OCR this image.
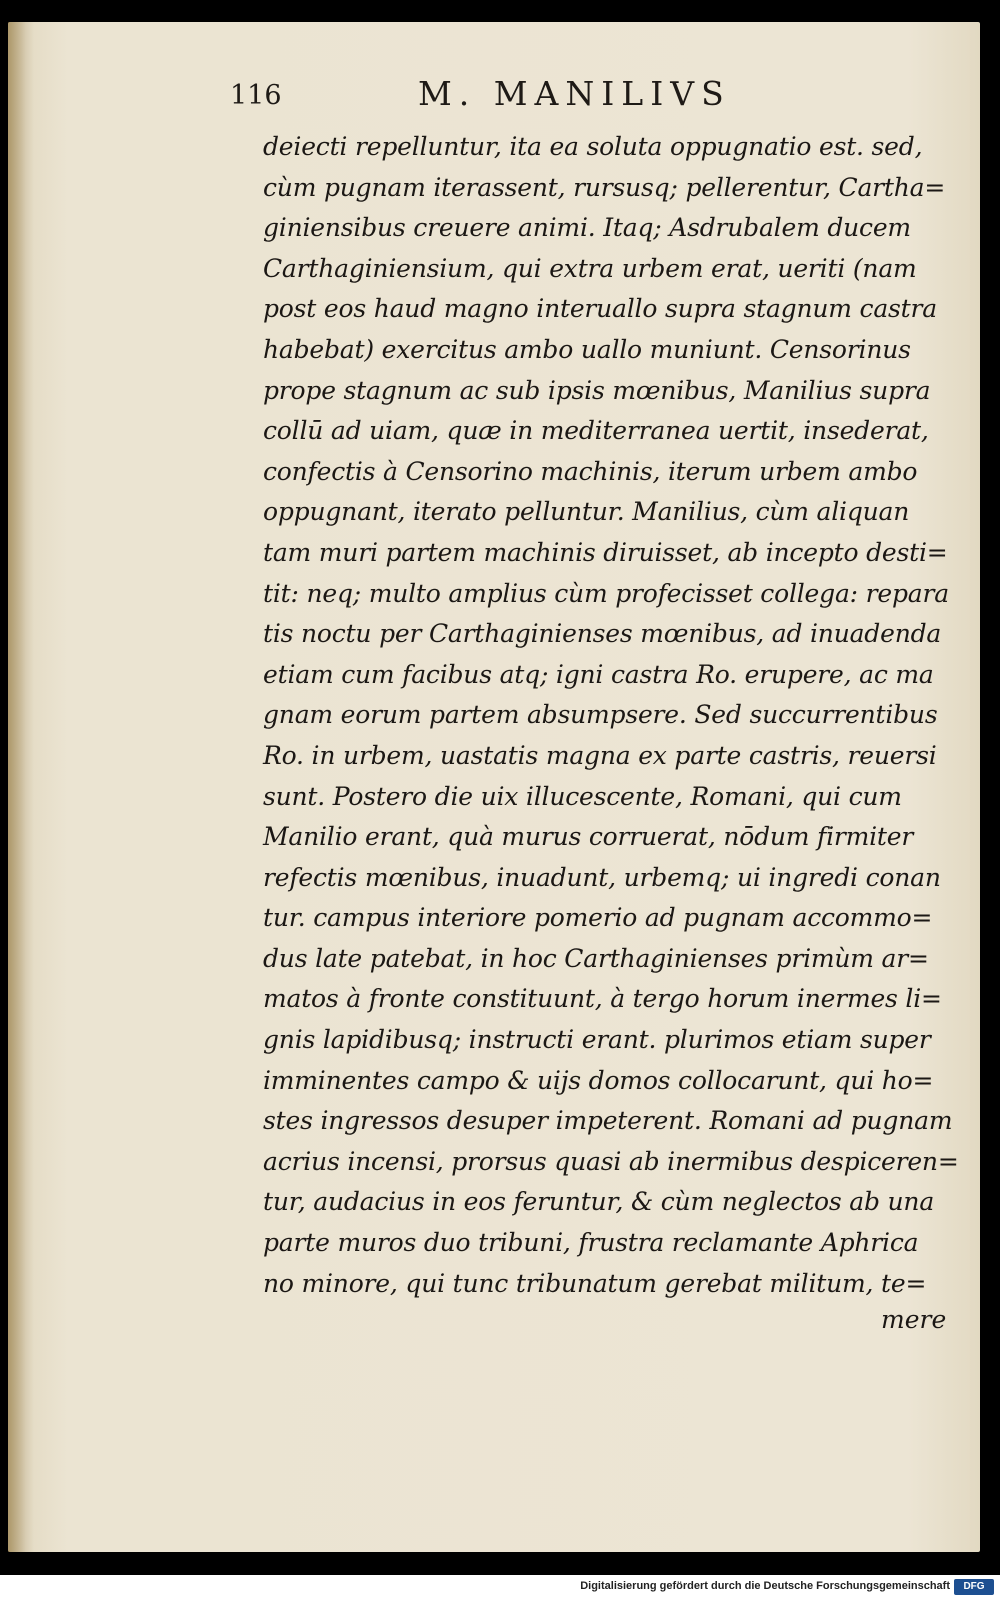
116	M. MANILIVS
deiecti repelluntur, ita ea soluta oppugnatio est. sed,
cùm pugnam iterassent, rursusq; pellerentur, Cartha=
giniensibus creuere animi. Itaq; Asdrubalem ducem
Carthaginiensium, qui extra urbem erat, ueriti (nam
post eos haud magno interuallo supra stagnum castra
habebat) exercitus ambo uallo muniunt. Censorinus
prope stagnum ac sub ipsis mœnibus, Manilius supra
collū ad uiam, quæ in mediterranea uertit, insederat,
confectis à Censorino machinis, iterum urbem ambo
oppugnant, iterato pelluntur. Manilius, cùm aliquan
tam muri partem machinis diruisset, ab incepto desti=
tit: neq; multo amplius cùm profecisset collega: repara
tis noctu per Carthaginienses mœnibus, ad inuadenda
etiam cum facibus atq; igni castra Ro. erupere, ac ma
gnam eorum partem absumpsere. Sed succurrentibus
Ro. in urbem, uastatis magna ex parte castris, reuersi
sunt. Postero die uix illucescente, Romani, qui cum
Manilio erant, quà murus corruerat, nōdum firmiter
refectis mœnibus, inuadunt, urbemq; ui ingredi conan
tur. campus interiore pomerio ad pugnam accommo=
dus late patebat, in hoc Carthaginienses primùm ar=
matos à fronte constituunt, à tergo horum inermes li=
gnis lapidibusq; instructi erant. plurimos etiam super
imminentes campo & uijs domos collocarunt, qui ho=
stes ingressos desuper impeterent. Romani ad pugnam
acrius incensi, prorsus quasi ab inermibus despiceren=
tur, audacius in eos feruntur, & cùm neglectos ab una
parte muros duo tribuni, frustra reclamante Aphrica
no minore, qui tunc tribunatum gerebat militum, te=
mere
Digitalisierung gefördert durch die Deutsche Forschungsgemeinschaft	DFG
